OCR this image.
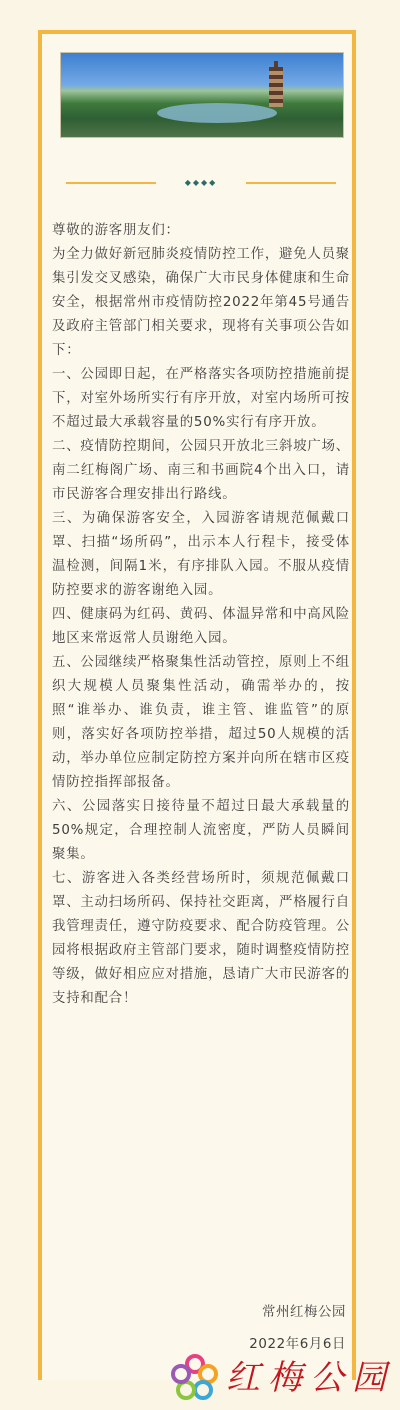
◆◆◆◆

尊敬的游客朋友们：

为全力做好新冠肺炎疫情防控工作，避免人员聚集引发交叉感染，确保广大市民身体健康和生命安全，根据常州市疫情防控2022年第45号通告及政府主管部门相关要求，现将有关事项公告如下：

一、公园即日起，在严格落实各项防控措施前提下，对室外场所实行有序开放，对室内场所可按不超过最大承载容量的50%实行有序开放。

二、疫情防控期间，公园只开放北三斜坡广场、南二红梅阁广场、南三和书画院4个出入口，请市民游客合理安排出行路线。

三、为确保游客安全，入园游客请规范佩戴口罩、扫描“场所码”，出示本人行程卡，接受体温检测，间隔1米，有序排队入园。不服从疫情防控要求的游客谢绝入园。

四、健康码为红码、黄码、体温异常和中高风险地区来常返常人员谢绝入园。

五、公园继续严格聚集性活动管控，原则上不组织大规模人员聚集性活动，确需举办的，按照“谁举办、谁负责，谁主管、谁监管”的原则，落实好各项防控举措，超过50人规模的活动，举办单位应制定防控方案并向所在辖市区疫情防控指挥部报备。

六、公园落实日接待量不超过日最大承载量的50%规定，合理控制人流密度，严防人员瞬间聚集。

七、游客进入各类经营场所时，须规范佩戴口罩、主动扫场所码、保持社交距离，严格履行自我管理责任，遵守防疫要求、配合防疫管理。公园将根据政府主管部门要求，随时调整疫情防控等级，做好相应应对措施，恳请广大市民游客的支持和配合！

常州红梅公园
2022年6月6日
红梅公园
